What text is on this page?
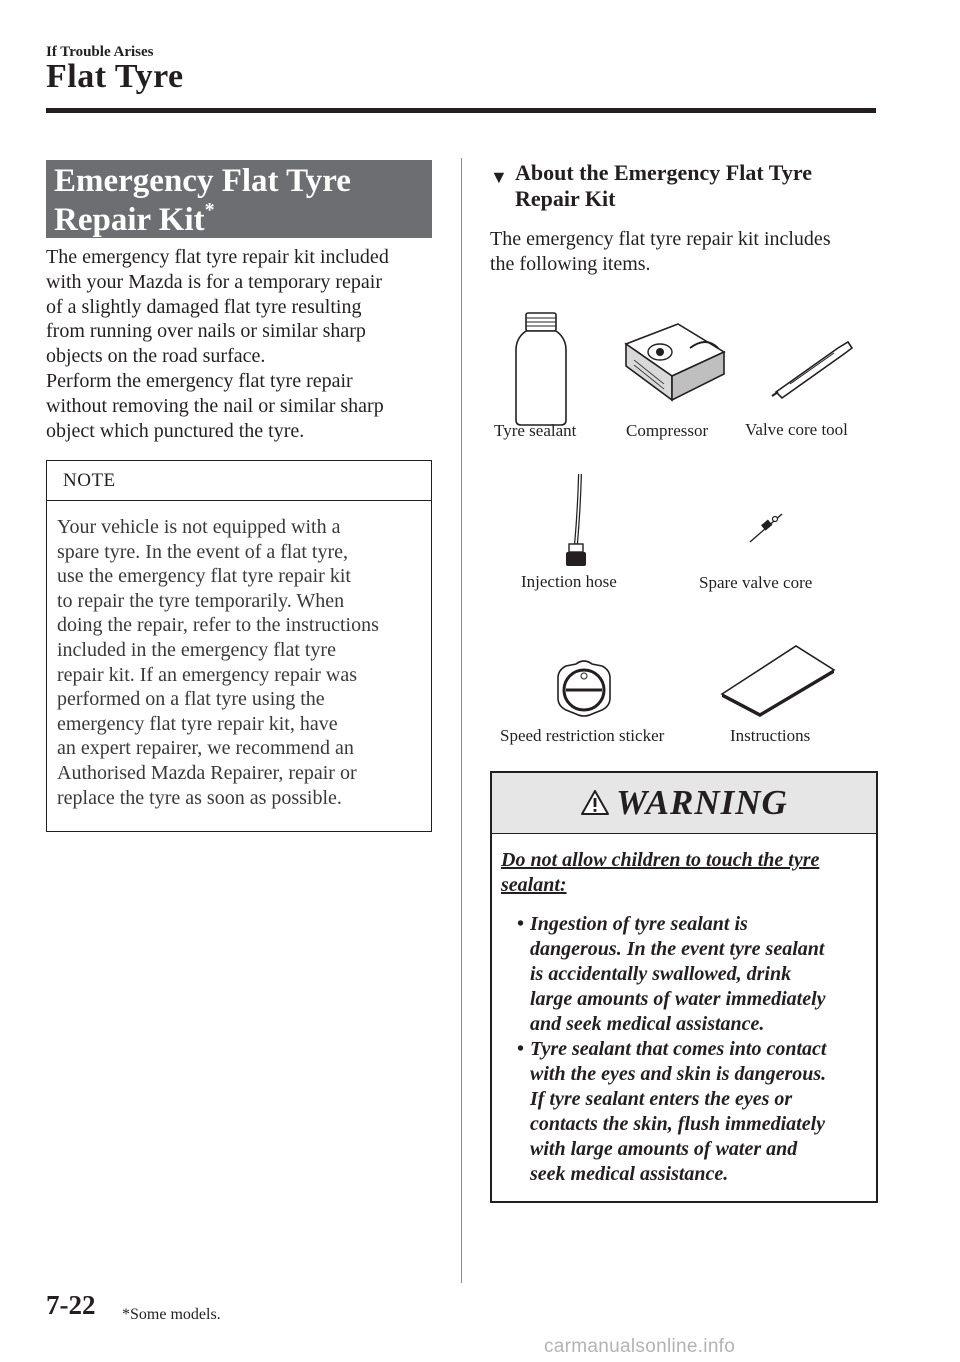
If Trouble Arises
Flat Tyre
Emergency Flat Tyre
Repair Kit*
The emergency flat tyre repair kit included
with your Mazda is for a temporary repair
of a slightly damaged flat tyre resulting
from running over nails or similar sharp
objects on the road surface.
Perform the emergency flat tyre repair
without removing the nail or similar sharp
object which punctured the tyre.
NOTE
Your vehicle is not equipped with a
spare tyre. In the event of a flat tyre,
use the emergency flat tyre repair kit
to repair the tyre temporarily. When
doing the repair, refer to the instructions
included in the emergency flat tyre
repair kit. If an emergency repair was
performed on a flat tyre using the
emergency flat tyre repair kit, have
an expert repairer, we recommend an
Authorised Mazda Repairer, repair or
replace the tyre as soon as possible.
▼ About the Emergency Flat Tyre
Repair Kit
The emergency flat tyre repair kit includes
the following items.
Tyre sealant	Compressor Valve core tool
Injection hose	Spare valve core
Speed restriction sticker	Instructions
WARNING
Do not allow children to touch the tyre
sealant:
• Ingestion of tyre sealant is
dangerous. In the event tyre sealant
is accidentally swallowed, drink
large amounts of water immediately
and seek medical assistance.
• Tyre sealant that comes into contact
with the eyes and skin is dangerous.
If tyre sealant enters the eyes or
contacts the skin, flush immediately
with large amounts of water and
seek medical assistance.
7-22 *Some models.
carmanualsonline.info
